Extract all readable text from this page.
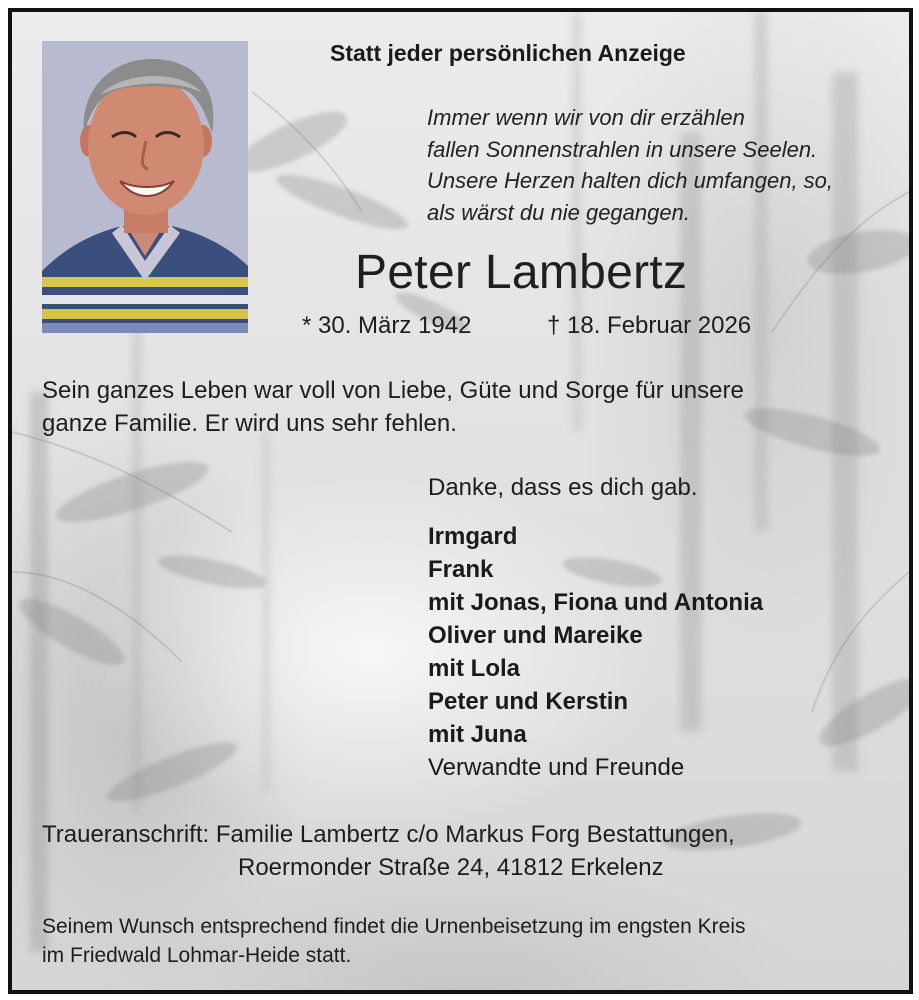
Statt jeder persönlichen Anzeige
Immer wenn wir von dir erzählen
fallen Sonnenstrahlen in unsere Seelen.
Unsere Herzen halten dich umfangen, so,
als wärst du nie gegangen.
Peter Lambertz
* 30. März 1942	† 18. Februar 2026
Sein ganzes Leben war voll von Liebe, Güte und Sorge für unsere
ganze Familie. Er wird uns sehr fehlen.
Danke, dass es dich gab.
Irmgard
Frank
mit Jonas, Fiona und Antonia
Oliver und Mareike
mit Lola
Peter und Kerstin
mit Juna
Verwandte und Freunde
Traueranschrift: Familie Lambertz c/o Markus Forg Bestattungen,
Roermonder Straße 24, 41812 Erkelenz
Seinem Wunsch entsprechend findet die Urnenbeisetzung im engsten Kreis
im Friedwald Lohmar-Heide statt.
